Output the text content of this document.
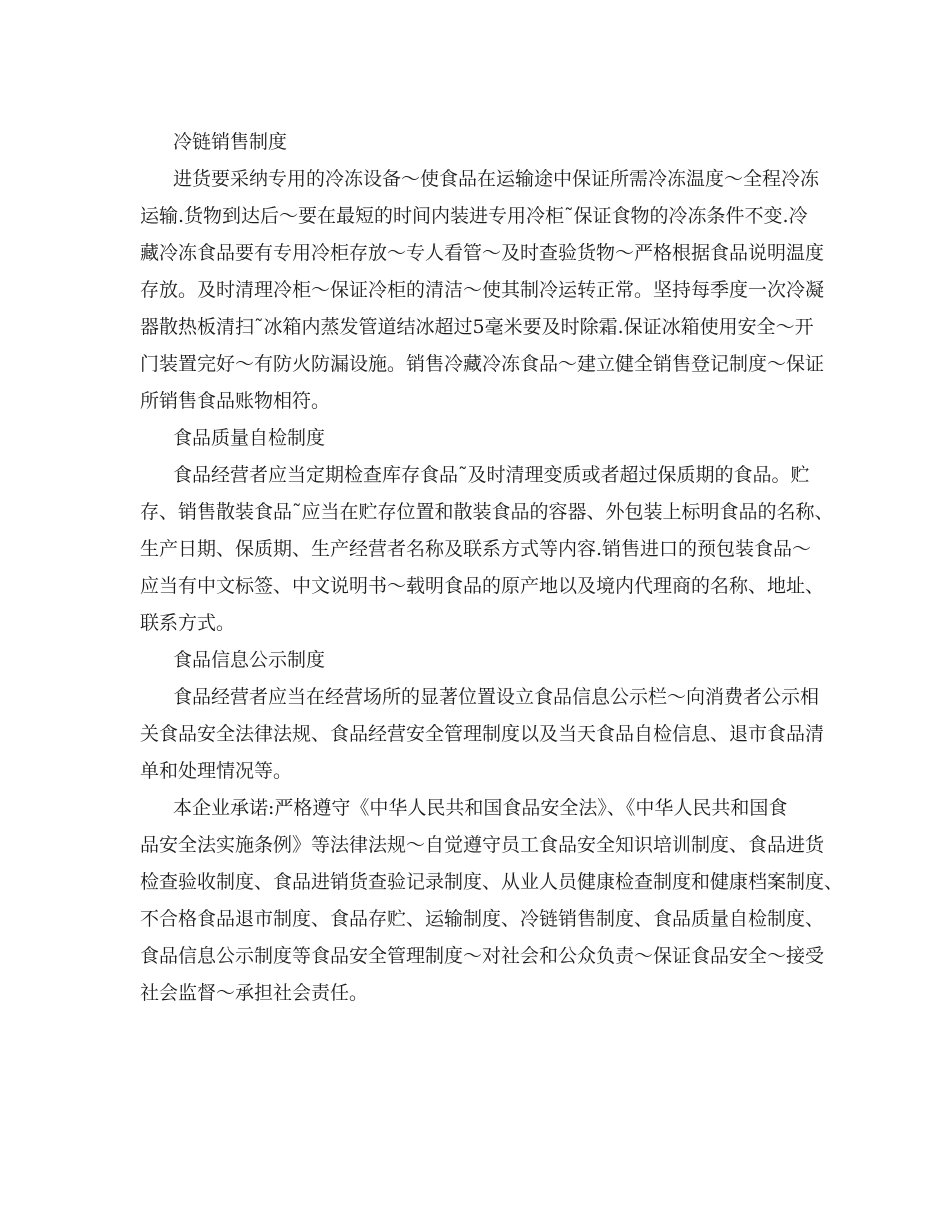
冷链销售制度
进货要采纳专用的冷冻设备～使食品在运输途中保证所需冷冻温度～全程冷冻
运输.货物到达后～要在最短的时间内装进专用冷柜˜保证食物的冷冻条件不变.冷
藏冷冻食品要有专用冷柜存放～专人看管～及时查验货物～严格根据食品说明温度
存放。及时清理冷柜～保证冷柜的清洁～使其制冷运转正常。坚持每季度一次冷凝
器散热板清扫˜冰箱内蒸发管道结冰超过5毫米要及时除霜.保证冰箱使用安全～开
门装置完好～有防火防漏设施。销售冷藏冷冻食品～建立健全销售登记制度～保证
所销售食品账物相符。
食品质量自检制度
食品经营者应当定期检查库存食品˜及时清理变质或者超过保质期的食品。贮
存、销售散装食品˜应当在贮存位置和散装食品的容器、外包装上标明食品的名称、
生产日期、保质期、生产经营者名称及联系方式等内容.销售进口的预包装食品～
应当有中文标签、中文说明书～载明食品的原产地以及境内代理商的名称、地址、
联系方式。
食品信息公示制度
食品经营者应当在经营场所的显著位置设立食品信息公示栏～向消费者公示相
关食品安全法律法规、食品经营安全管理制度以及当天食品自检信息、退市食品清
单和处理情况等。
本企业承诺:严格遵守《中华人民共和国食品安全法》、《中华人民共和国食
品安全法实施条例》等法律法规～自觉遵守员工食品安全知识培训制度、食品进货
检查验收制度、食品进销货查验记录制度、从业人员健康检查制度和健康档案制度、
不合格食品退市制度、食品存贮、运输制度、冷链销售制度、食品质量自检制度、
食品信息公示制度等食品安全管理制度～对社会和公众负责～保证食品安全～接受
社会监督～承担社会责任。
